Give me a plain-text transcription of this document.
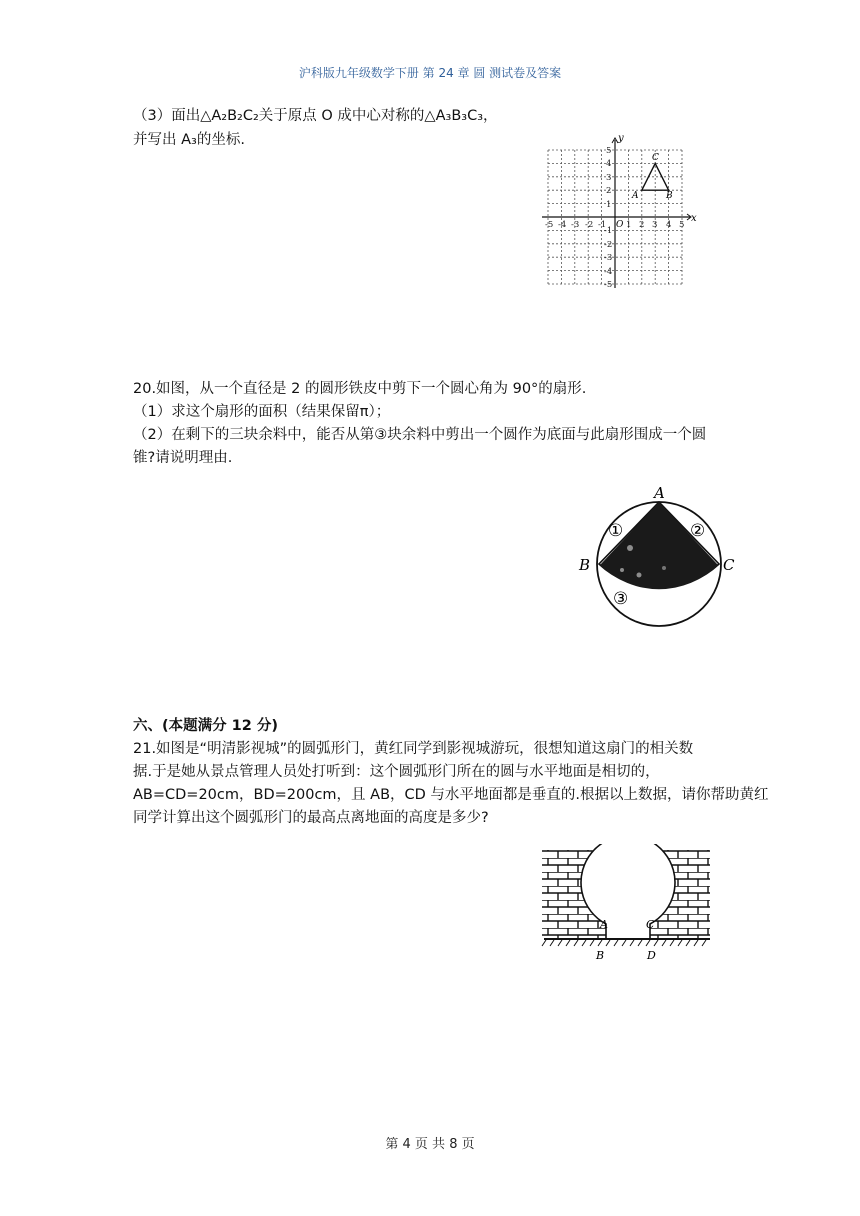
沪科版九年级数学下册 第 24 章 圆 测试卷及答案
（3）面出△A₂B₂C₂关于原点 O 成中心对称的△A₃B₃C₃，
并写出 A₃的坐标.
x
y
O
-5 -4 -3 -2 -1 1 2 3 4 5
5
4
3
2
1
-1
-2
-3
-4
-5
A	B
C
20.如图，从一个直径是 2 的圆形铁皮中剪下一个圆心角为 90°的扇形.
（1）求这个扇形的面积（结果保留π）；
（2）在剩下的三块余料中，能否从第③块余料中剪出一个圆作为底面与此扇形围成一个圆
锥?请说明理由.
A
B	C
①	②
③
六、(本题满分 12 分)
21.如图是“明清影视城”的圆弧形门，黄红同学到影视城游玩，很想知道这扇门的相关数
据.于是她从景点管理人员处打听到：这个圆弧形门所在的圆与水平地面是相切的，
AB=CD=20cm，BD=200cm，且 AB，CD 与水平地面都是垂直的.根据以上数据，请你帮助黄红
同学计算出这个圆弧形门的最高点离地面的高度是多少?
A	C
B	D
第 4 页 共 8 页
